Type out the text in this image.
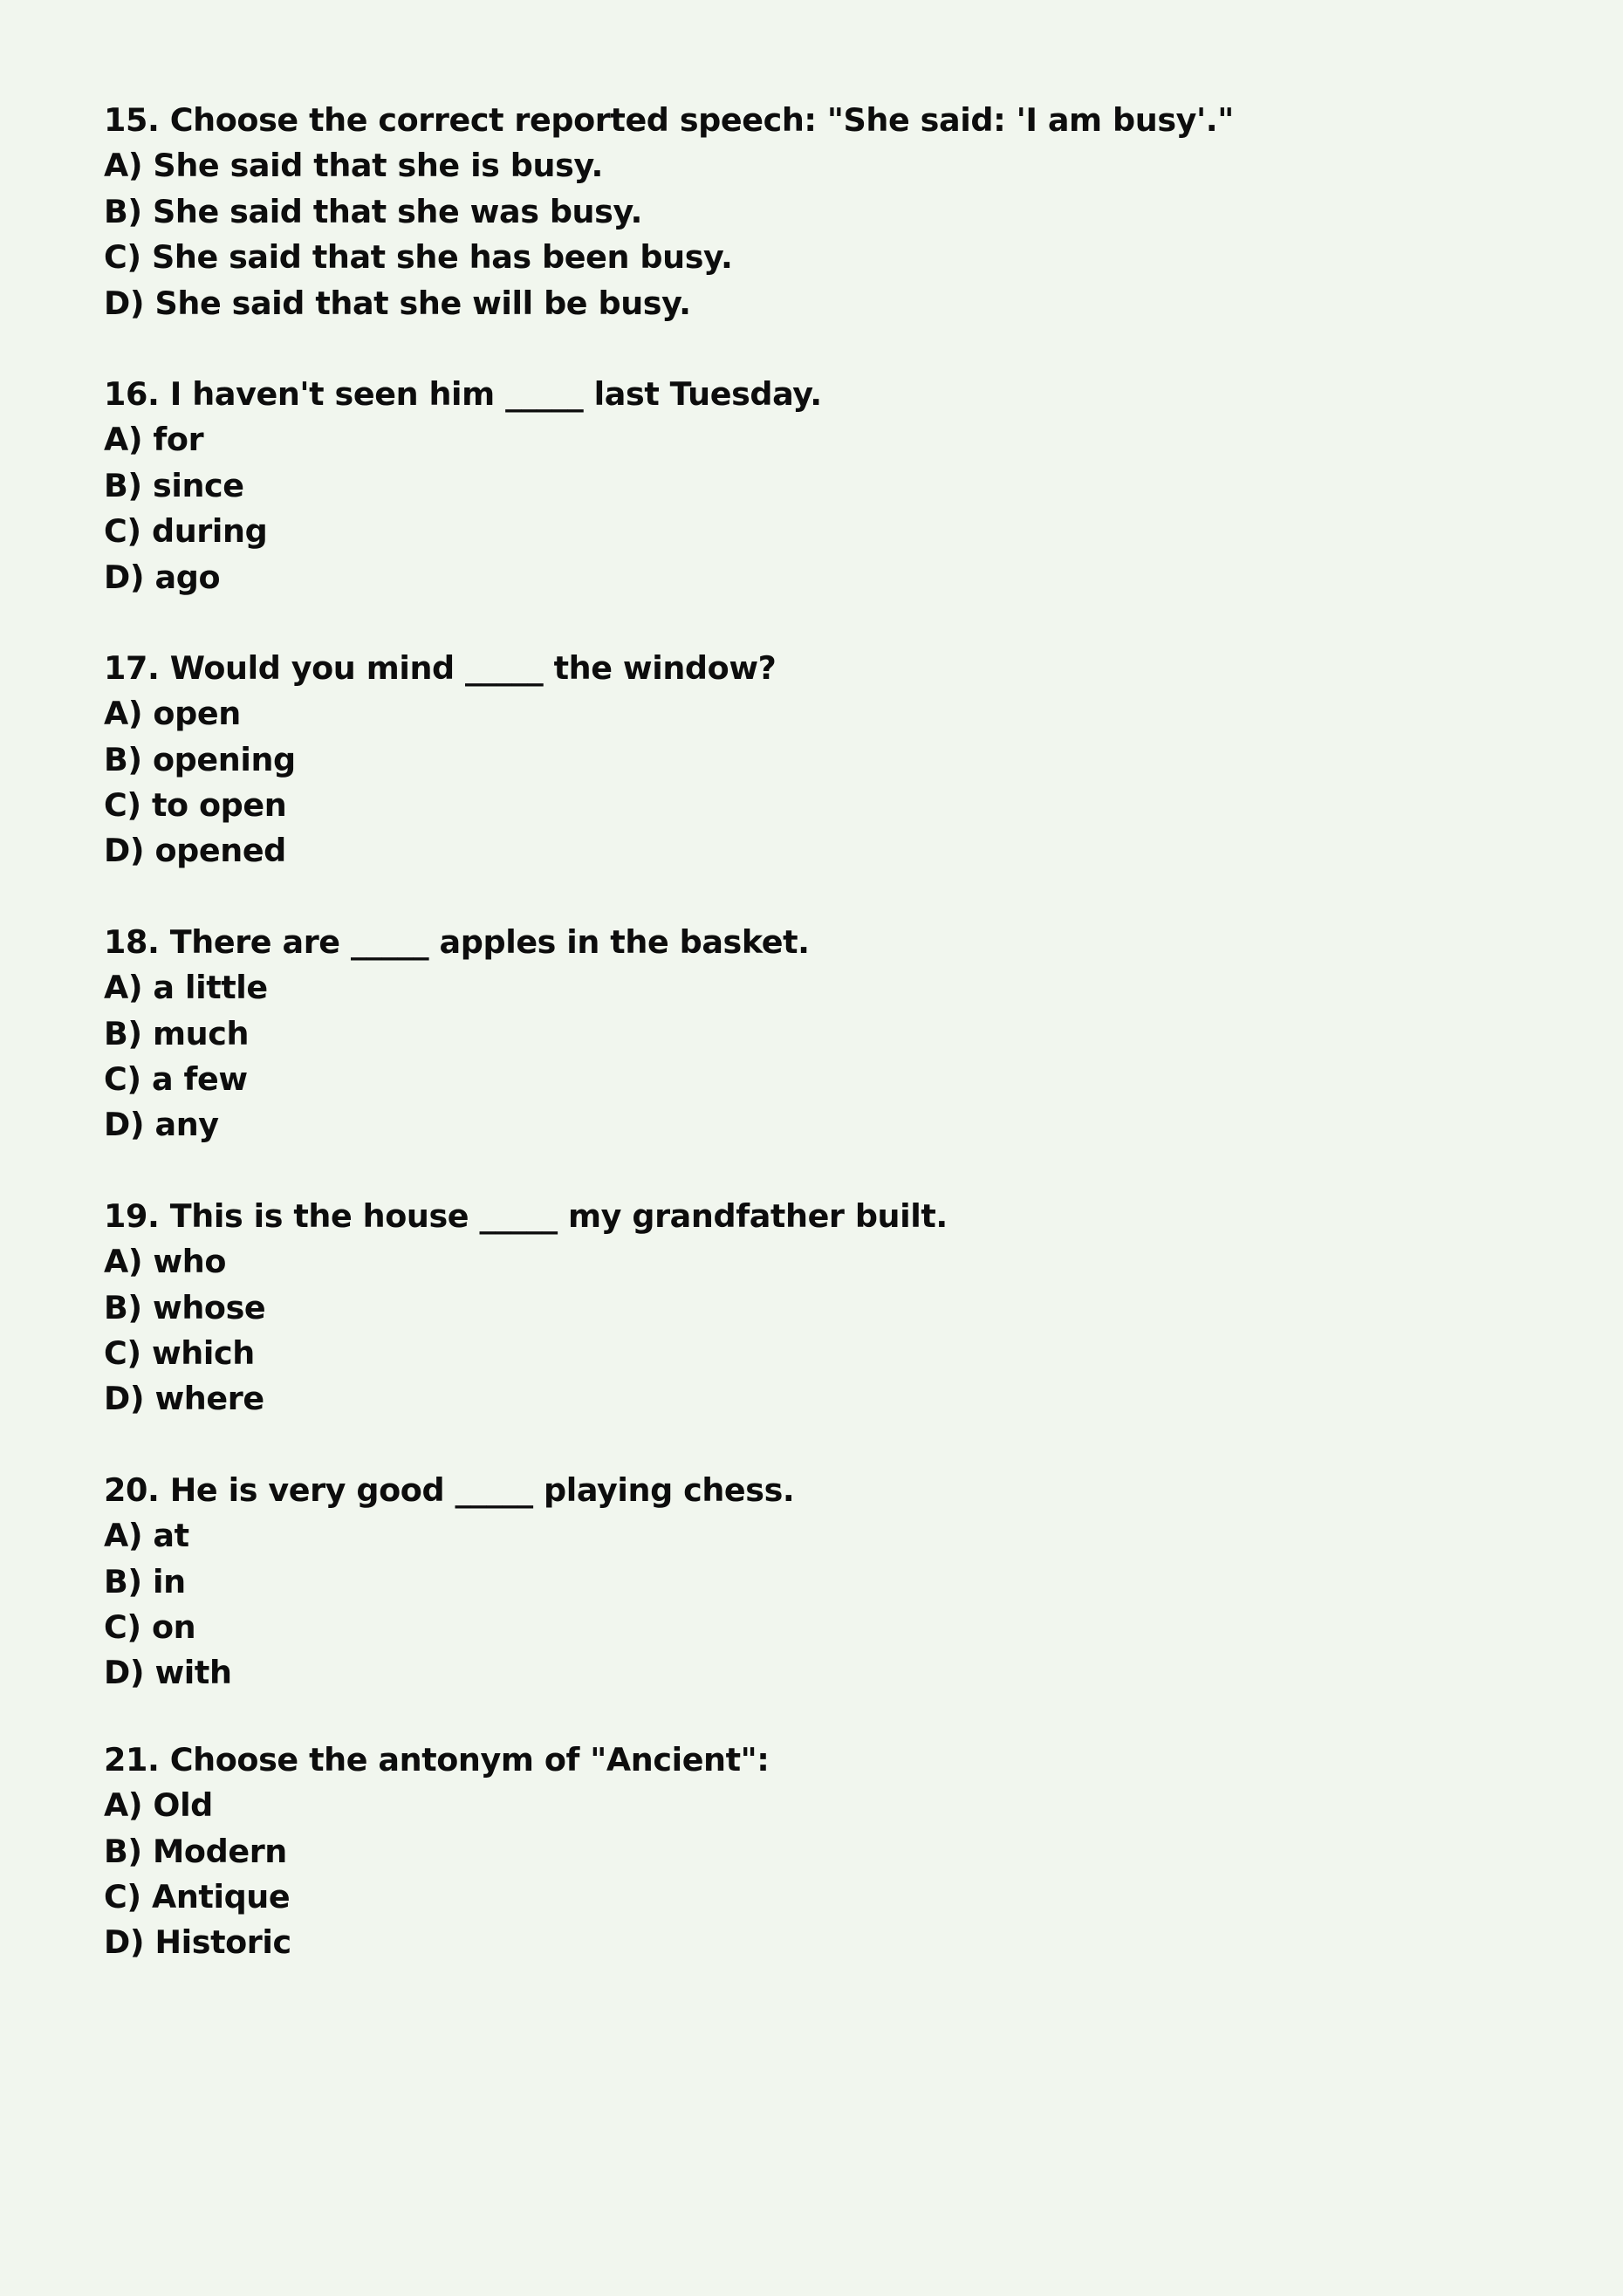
15. Choose the correct reported speech: "She said: 'I am busy'."
A) She said that she is busy.
B) She said that she was busy.
C) She said that she has been busy.
D) She said that she will be busy.
16. I haven't seen him _____ last Tuesday.
A) for
B) since
C) during
D) ago
17. Would you mind _____ the window?
A) open
B) opening
C) to open
D) opened
18. There are _____ apples in the basket.
A) a little
B) much
C) a few
D) any
19. This is the house _____ my grandfather built.
A) who
B) whose
C) which
D) where
20. He is very good _____ playing chess.
A) at
B) in
C) on
D) with
21. Choose the antonym of "Ancient":
A) Old
B) Modern
C) Antique
D) Historic
